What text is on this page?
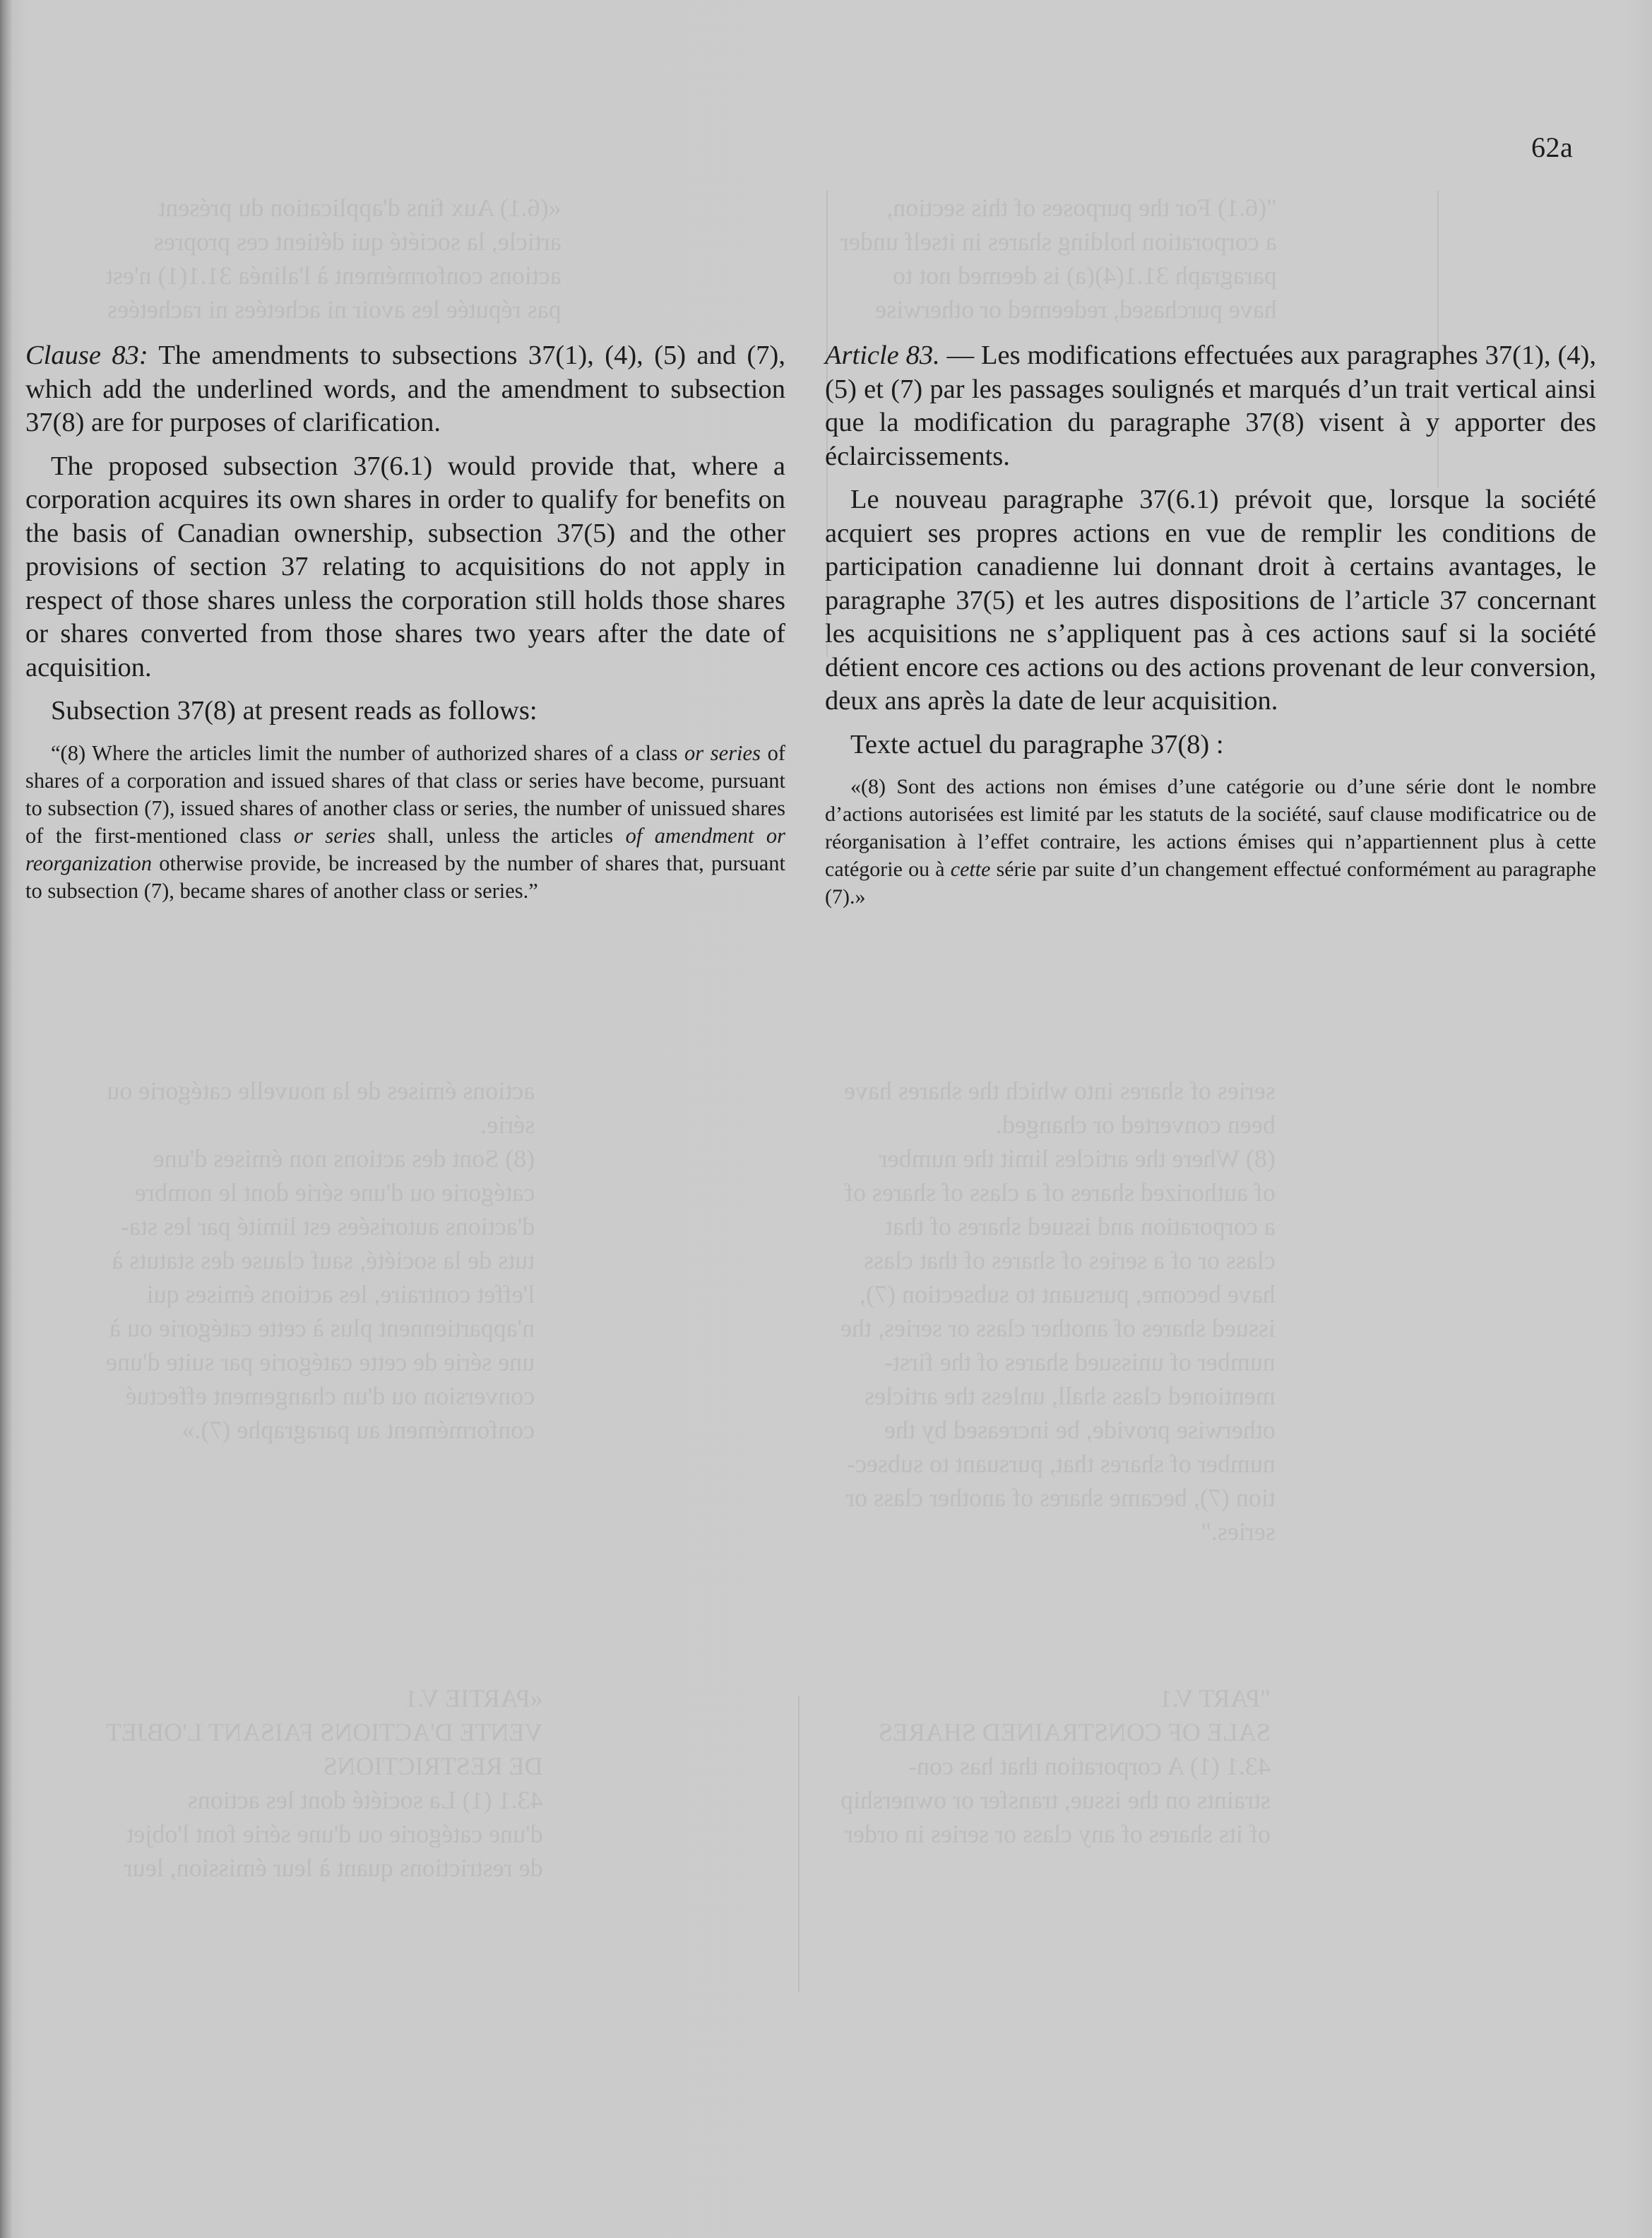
«(6.1) Aux fins d'application du présent
article, la société qui détient ces propres
actions conformément à l'alinéa 31.1(1) n'est
pas réputée les avoir ni achetées ni rachetées
"(6.1) For the purposes of this section,
a corporation holding shares in itself under
paragraph 31.1(4)(a) is deemed not to
have purchased, redeemed or otherwise
actions émises de la nouvelle catégorie ou
série.
(8) Sont des actions non émises d'une
catégorie ou d'une série dont le nombre
d'actions autorisées est limité par les sta-
tuts de la société, sauf clause des statuts à
l'effet contraire, les actions émises qui
n'appartiennent plus à cette catégorie ou à
une série de cette catégorie par suite d'une
conversion ou d'un changement effectué
conformément au paragraphe (7).»
series of shares into which the shares have
been converted or changed.
(8) Where the articles limit the number
of authorized shares of a class of shares of
a corporation and issued shares of that
class or of a series of shares of that class
have become, pursuant to subsection (7),
issued shares of another class or series, the
number of unissued shares of the first-
mentioned class shall, unless the articles
otherwise provide, be increased by the
number of shares that, pursuant to subsec-
tion (7), became shares of another class or
series."
«PARTIE V.1
VENTE D'ACTIONS FAISANT L'OBJET
DE RESTRICTIONS
43.1 (1) La société dont les actions
d'une catégorie ou d'une série font l'objet
de restrictions quant à leur émission, leur
"PART V.1
SALE OF CONSTRAINED SHARES
43.1 (1) A corporation that has con-
straints on the issue, transfer or ownership
of its shares of any class or series in order
62a

Clause 83: The amendments to subsections 37(1), (4), (5) and (7), which add the underlined words, and the amendment to subsection 37(8) are for purposes of clarification.

The proposed subsection 37(6.1) would provide that, where a corporation acquires its own shares in order to qualify for benefits on the basis of Canadian ownership, subsection 37(5) and the other provisions of section 37 relating to acquisitions do not apply in respect of those shares unless the corporation still holds those shares or shares converted from those shares two years after the date of acquisition.

Subsection 37(8) at present reads as follows:

“(8) Where the articles limit the number of authorized shares of a class or series of shares of a corporation and issued shares of that class or series have become, pursuant to subsection (7), issued shares of another class or series, the number of unissued shares of the first-mentioned class or series shall, unless the articles of amendment or reorganization otherwise provide, be increased by the number of shares that, pursuant to subsection (7), became shares of another class or series.”

Article 83. — Les modifications effectuées aux paragraphes 37(1), (4), (5) et (7) par les passages soulignés et marqués d’un trait vertical ainsi que la modification du paragraphe 37(8) visent à y apporter des éclaircissements.

Le nouveau paragraphe 37(6.1) prévoit que, lorsque la société acquiert ses propres actions en vue de remplir les conditions de participation canadienne lui donnant droit à certains avantages, le paragraphe 37(5) et les autres dispositions de l’article 37 concernant les acquisitions ne s’appliquent pas à ces actions sauf si la société détient encore ces actions ou des actions provenant de leur conversion, deux ans après la date de leur acquisition.

Texte actuel du paragraphe 37(8) :

«(8) Sont des actions non émises d’une catégorie ou d’une série dont le nombre d’actions autorisées est limité par les statuts de la société, sauf clause modificatrice ou de réorganisation à l’effet contraire, les actions émises qui n’appartiennent plus à cette catégorie ou à cette série par suite d’un changement effectué conformément au paragraphe (7).»
